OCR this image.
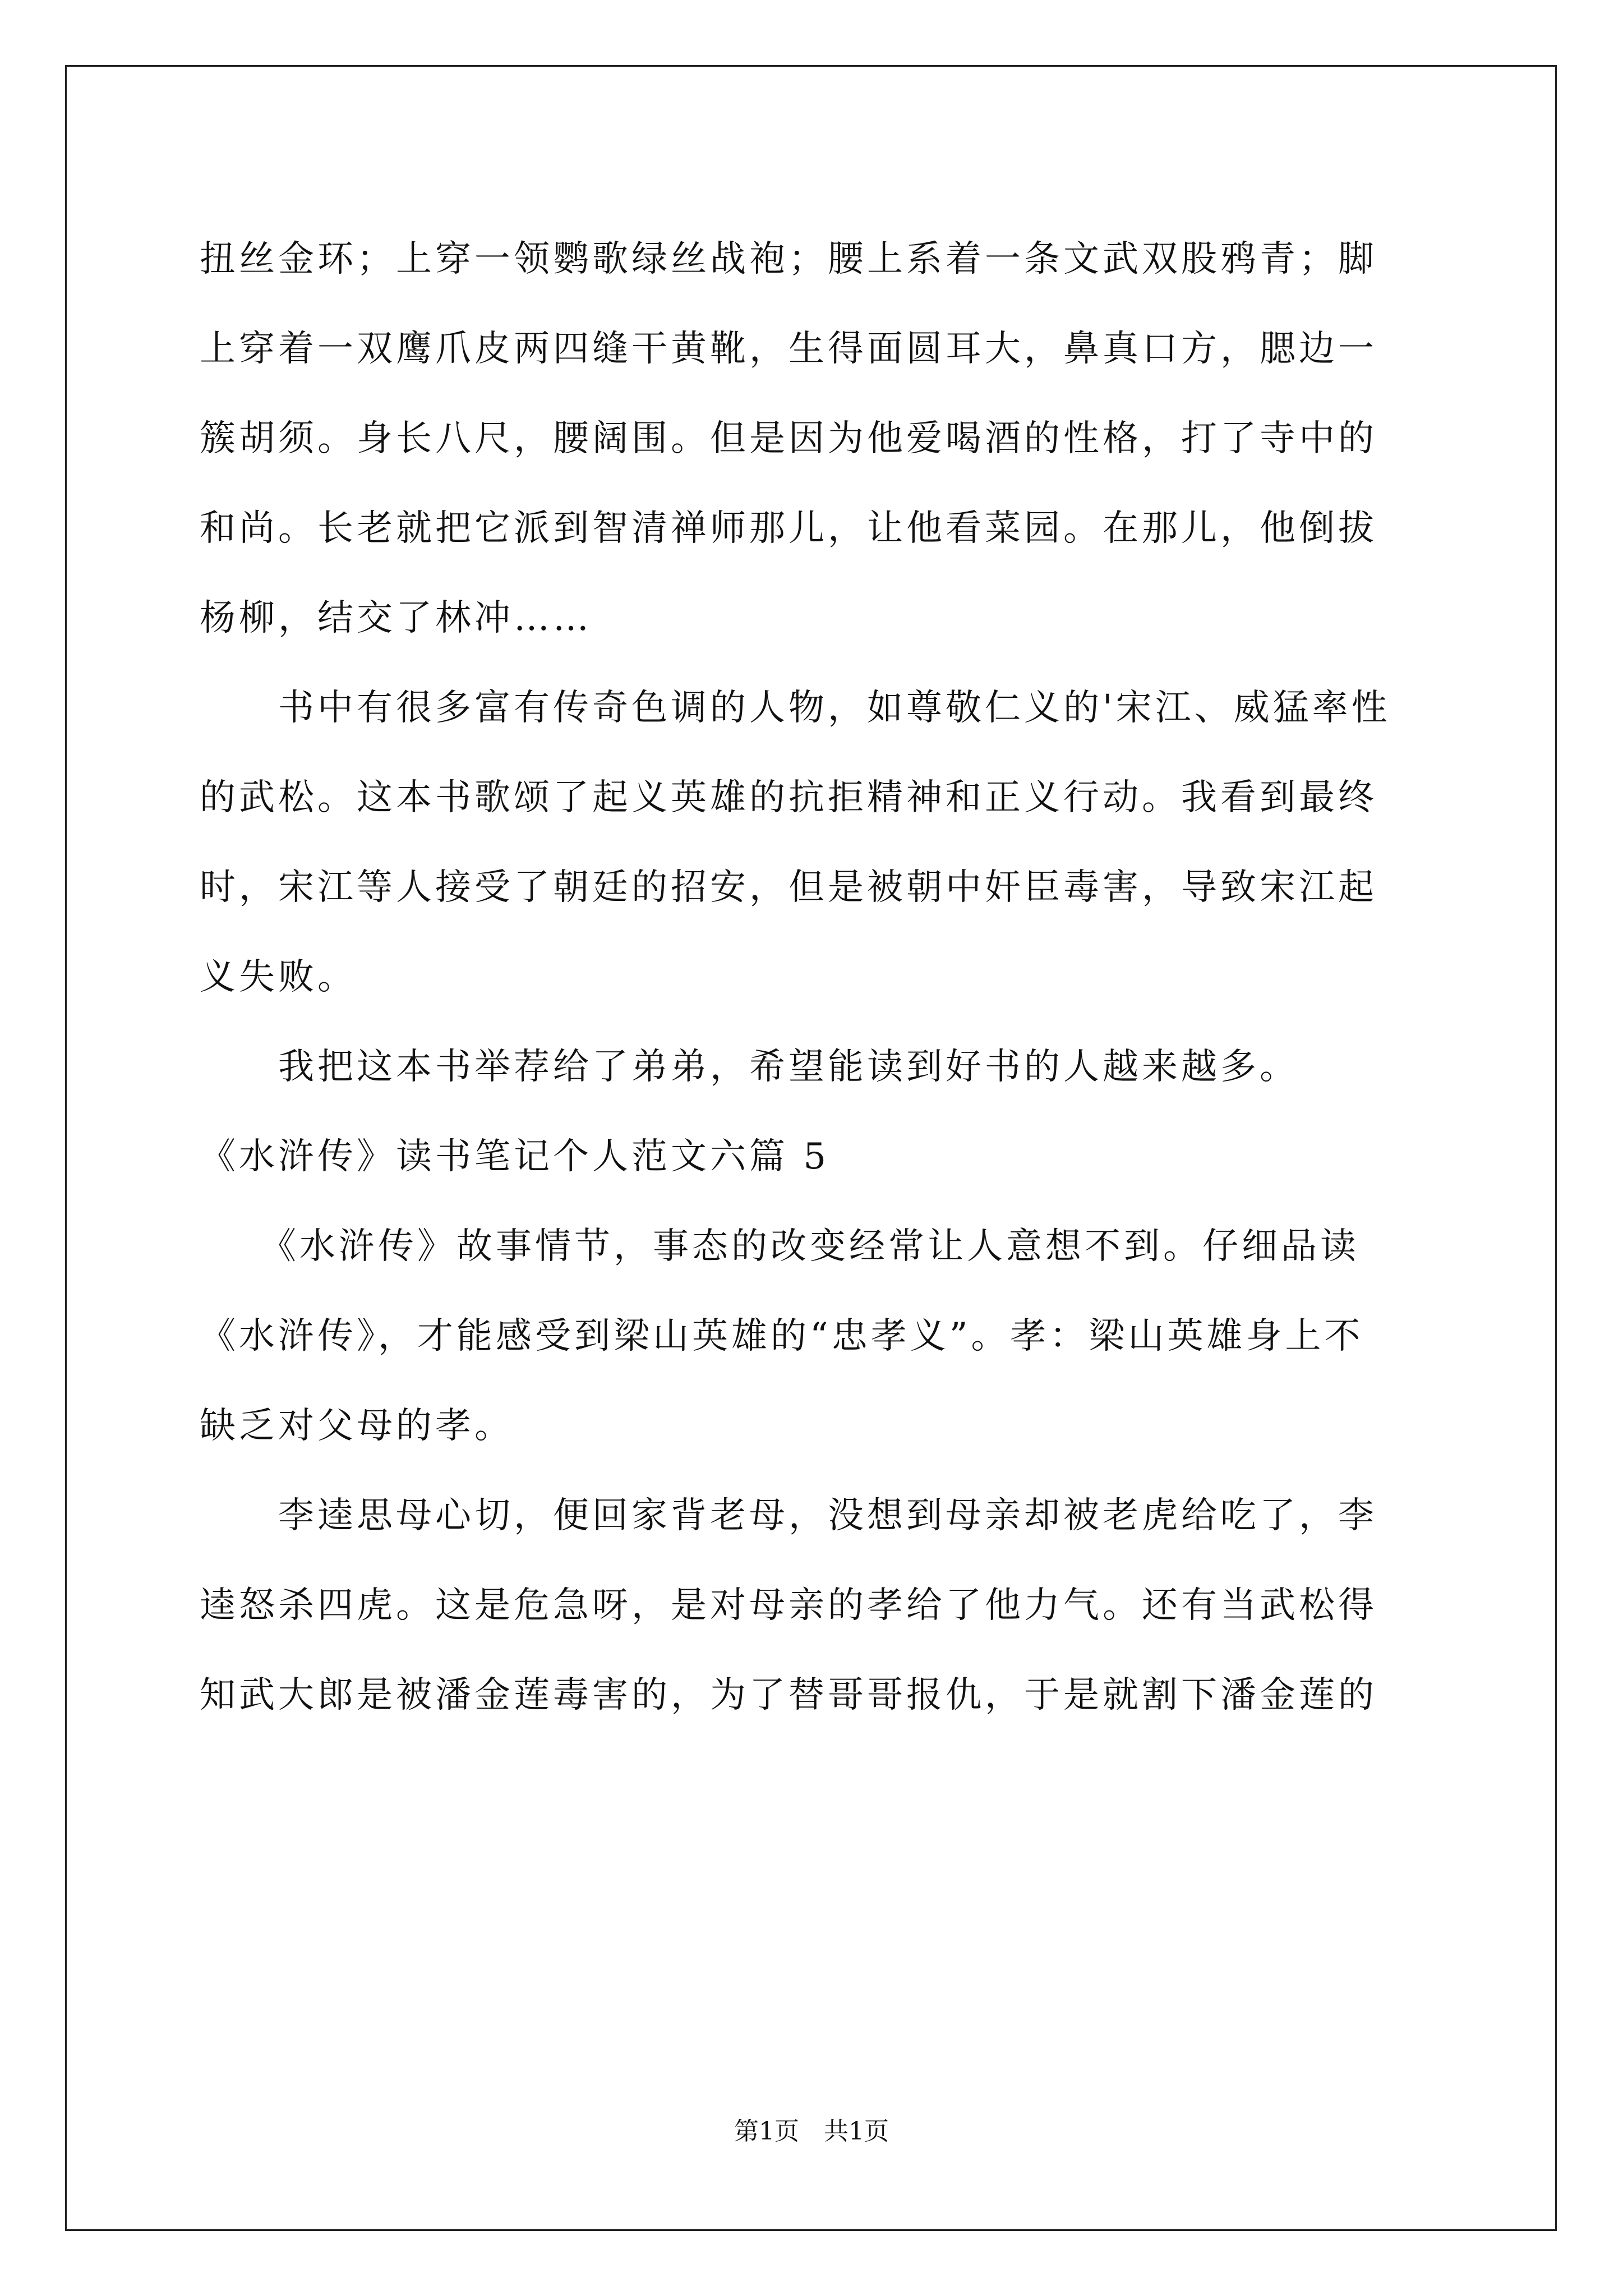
扭丝金环；上穿一领鹦歌绿丝战袍；腰上系着一条文武双股鸦青；脚
上穿着一双鹰爪皮两四缝干黄靴，生得面圆耳大，鼻真口方，腮边一
簇胡须。身长八尺，腰阔围。但是因为他爱喝酒的性格，打了寺中的
和尚。长老就把它派到智清禅师那儿，让他看菜园。在那儿，他倒拔
杨柳，结交了林冲……
　　书中有很多富有传奇色调的人物，如尊敬仁义的'宋江、威猛率性
的武松。这本书歌颂了起义英雄的抗拒精神和正义行动。我看到最终
时，宋江等人接受了朝廷的招安，但是被朝中奸臣毒害，导致宋江起
义失败。
　　我把这本书举荐给了弟弟，希望能读到好书的人越来越多。
《水浒传》读书笔记个人范文六篇 5
　　《水浒传》故事情节，事态的改变经常让人意想不到。仔细品读
《水浒传》，才能感受到梁山英雄的“忠孝义”。孝：梁山英雄身上不
缺乏对父母的孝。
　　李逵思母心切，便回家背老母，没想到母亲却被老虎给吃了，李
逵怒杀四虎。这是危急呀，是对母亲的孝给了他力气。还有当武松得
知武大郎是被潘金莲毒害的，为了替哥哥报仇，于是就割下潘金莲的
第1页　共1页
